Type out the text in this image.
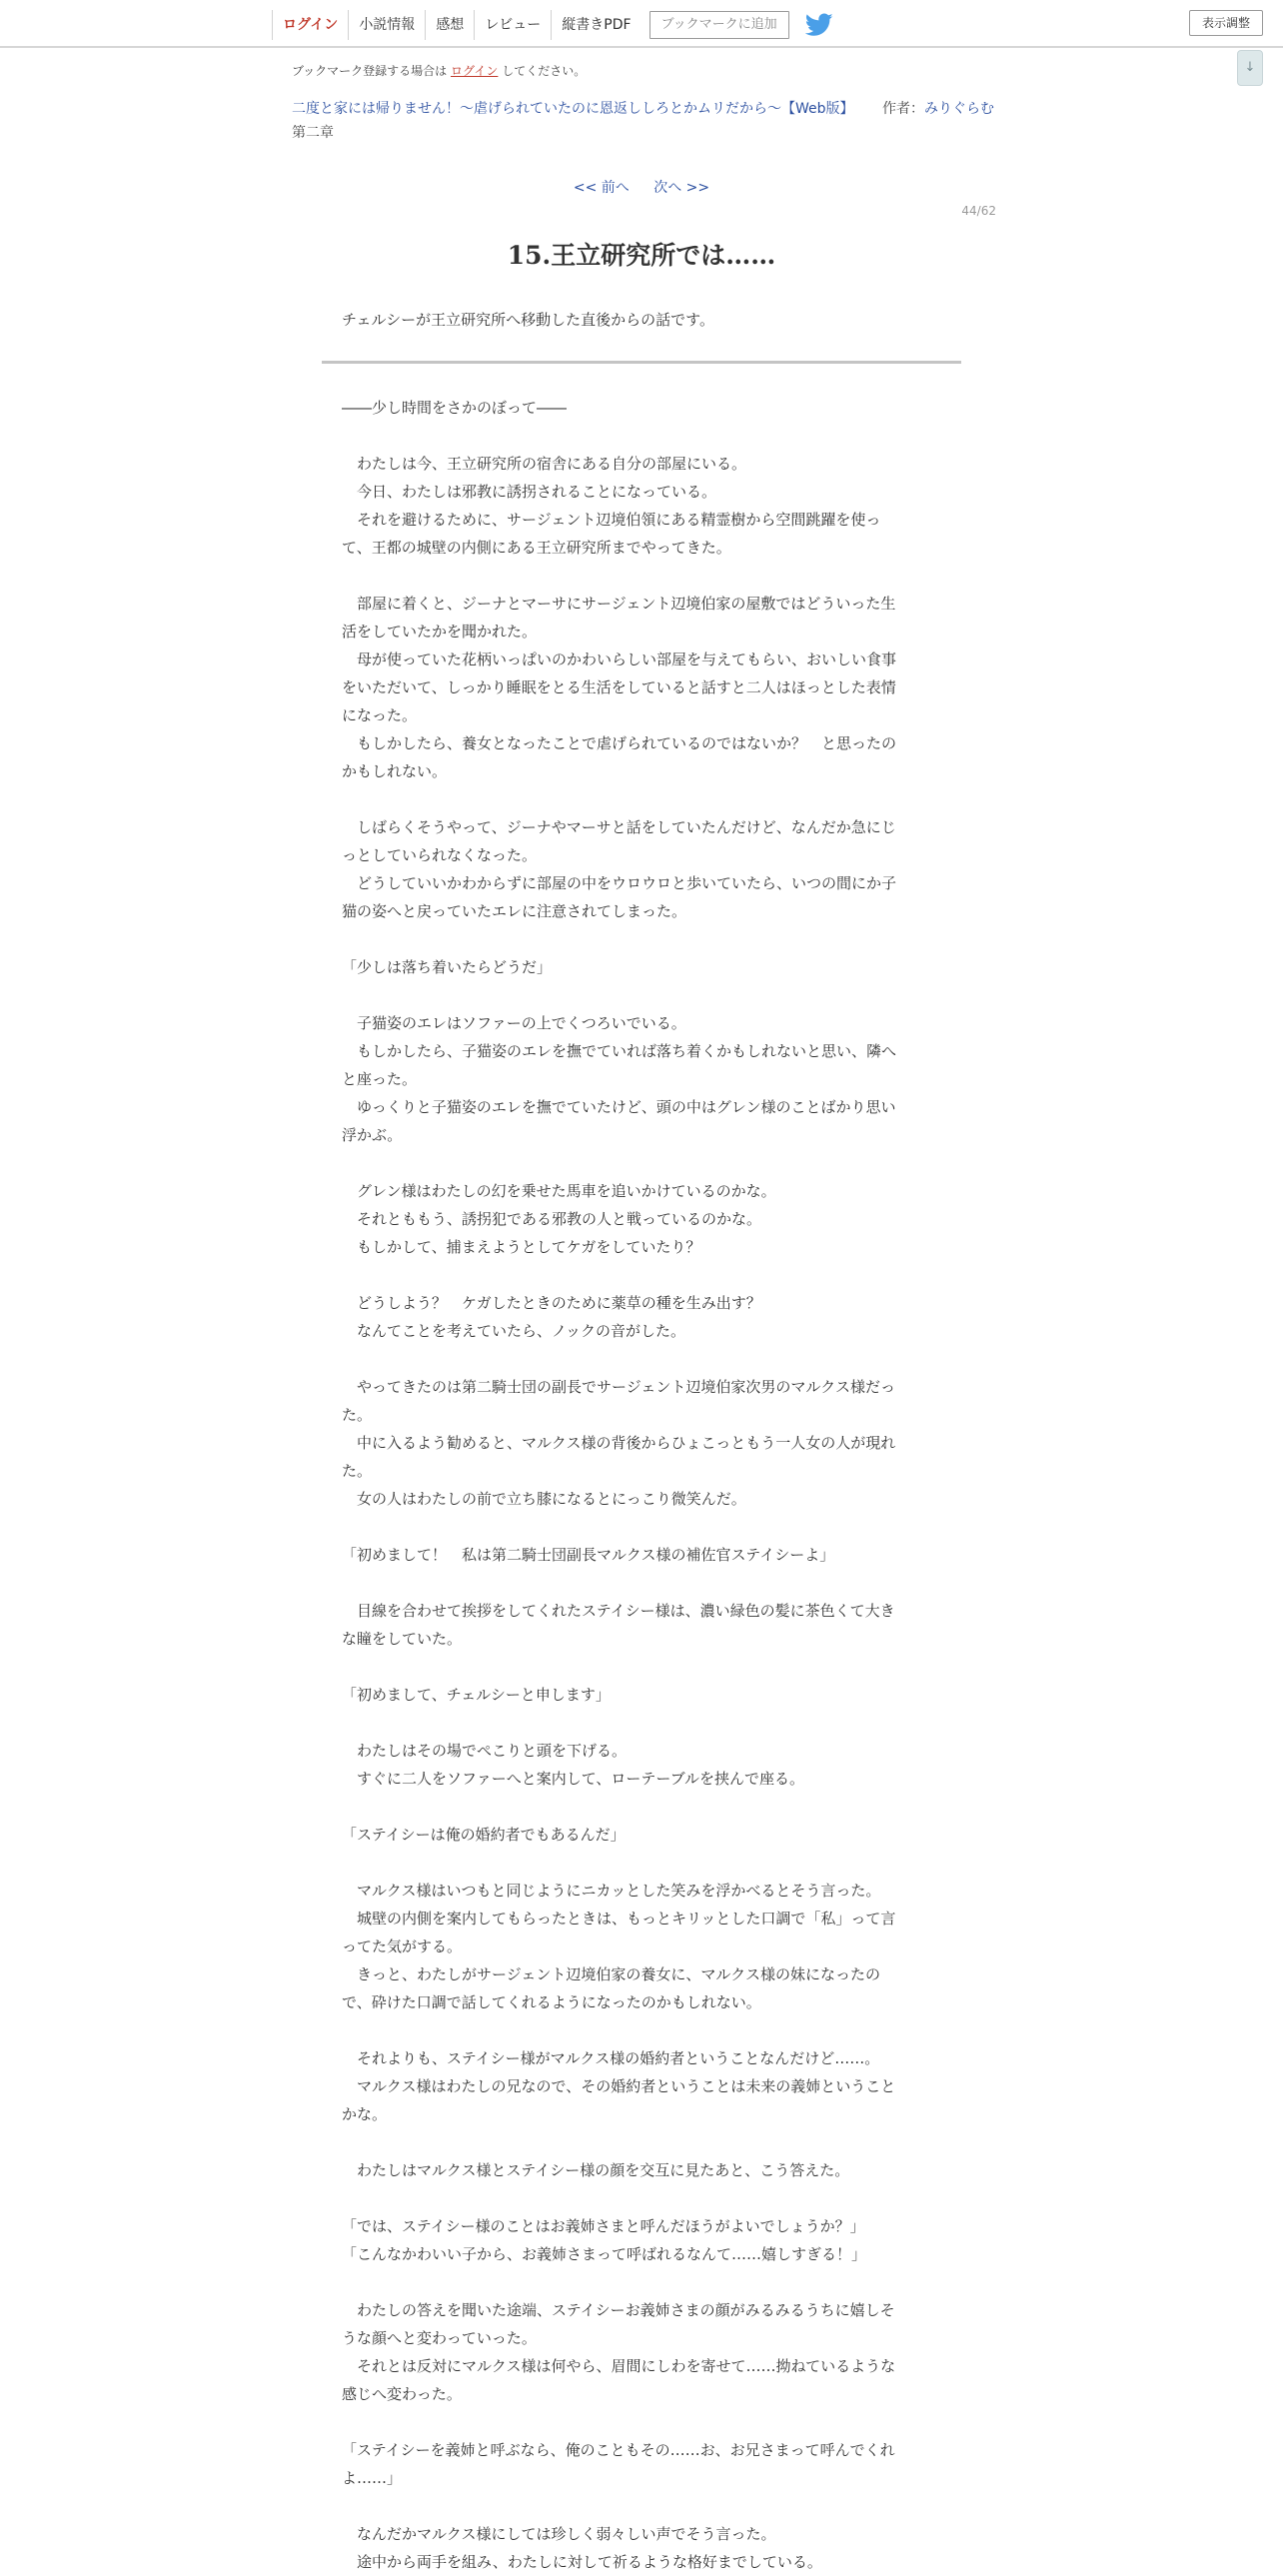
ログイン	小説情報	感想	レビュー	縦書きPDF	ブックマークに追加	表示調整
↓
ブックマーク登録する場合は ログイン してください。
二度と家には帰りません！～虐げられていたのに恩返ししろとかムリだから～【Web版】 作者：みりぐらむ
第二章
<< 前へ 次へ >>
44/62
15.王立研究所では……
チェルシーが王立研究所へ移動した直後からの話です。

――少し時間をさかのぼって――

　わたしは今、王立研究所の宿舎にある自分の部屋にいる。

　今日、わたしは邪教に誘拐されることになっている。

　それを避けるために、サージェント辺境伯領にある精霊樹から空間跳躍を使っ

て、王都の城壁の内側にある王立研究所までやってきた。

　部屋に着くと、ジーナとマーサにサージェント辺境伯家の屋敷ではどういった生

活をしていたかを聞かれた。

　母が使っていた花柄いっぱいのかわいらしい部屋を与えてもらい、おいしい食事

をいただいて、しっかり睡眠をとる生活をしていると話すと二人はほっとした表情

になった。

　もしかしたら、養女となったことで虐げられているのではないか？　と思ったの

かもしれない。

　しばらくそうやって、ジーナやマーサと話をしていたんだけど、なんだか急にじ

っとしていられなくなった。

　どうしていいかわからずに部屋の中をウロウロと歩いていたら、いつの間にか子

猫の姿へと戻っていたエレに注意されてしまった。

「少しは落ち着いたらどうだ」

　子猫姿のエレはソファーの上でくつろいでいる。

　もしかしたら、子猫姿のエレを撫でていれば落ち着くかもしれないと思い、隣へ

と座った。

　ゆっくりと子猫姿のエレを撫でていたけど、頭の中はグレン様のことばかり思い

浮かぶ。

　グレン様はわたしの幻を乗せた馬車を追いかけているのかな。

　それとももう、誘拐犯である邪教の人と戦っているのかな。

　もしかして、捕まえようとしてケガをしていたり？

　どうしよう？　ケガしたときのために薬草の種を生み出す？

　なんてことを考えていたら、ノックの音がした。

　やってきたのは第二騎士団の副長でサージェント辺境伯家次男のマルクス様だっ

た。

　中に入るよう勧めると、マルクス様の背後からひょこっともう一人女の人が現れ

た。

　女の人はわたしの前で立ち膝になるとにっこり微笑んだ。

「初めまして！　私は第二騎士団副長マルクス様の補佐官ステイシーよ」

　目線を合わせて挨拶をしてくれたステイシー様は、濃い緑色の髪に茶色くて大き

な瞳をしていた。

「初めまして、チェルシーと申します」

　わたしはその場でぺこりと頭を下げる。

　すぐに二人をソファーへと案内して、ローテーブルを挟んで座る。

「ステイシーは俺の婚約者でもあるんだ」

　マルクス様はいつもと同じようにニカッとした笑みを浮かべるとそう言った。

　城壁の内側を案内してもらったときは、もっとキリッとした口調で「私」って言

ってた気がする。

　きっと、わたしがサージェント辺境伯家の養女に、マルクス様の妹になったの

で、砕けた口調で話してくれるようになったのかもしれない。

　それよりも、ステイシー様がマルクス様の婚約者ということなんだけど……。

　マルクス様はわたしの兄なので、その婚約者ということは未来の義姉ということ

かな。

　わたしはマルクス様とステイシー様の顔を交互に見たあと、こう答えた。

「では、ステイシー様のことはお義姉さまと呼んだほうがよいでしょうか？」

「こんなかわいい子から、お義姉さまって呼ばれるなんて……嬉しすぎる！」

　わたしの答えを聞いた途端、ステイシーお義姉さまの顔がみるみるうちに嬉しそ

うな顔へと変わっていった。

　それとは反対にマルクス様は何やら、眉間にしわを寄せて……拗ねているような

感じへ変わった。

「ステイシーを義姉と呼ぶなら、俺のこともその……お、お兄さまって呼んでくれ

よ……」

　なんだかマルクス様にしては珍しく弱々しい声でそう言った。

　途中から両手を組み、わたしに対して祈るような格好までしている。
